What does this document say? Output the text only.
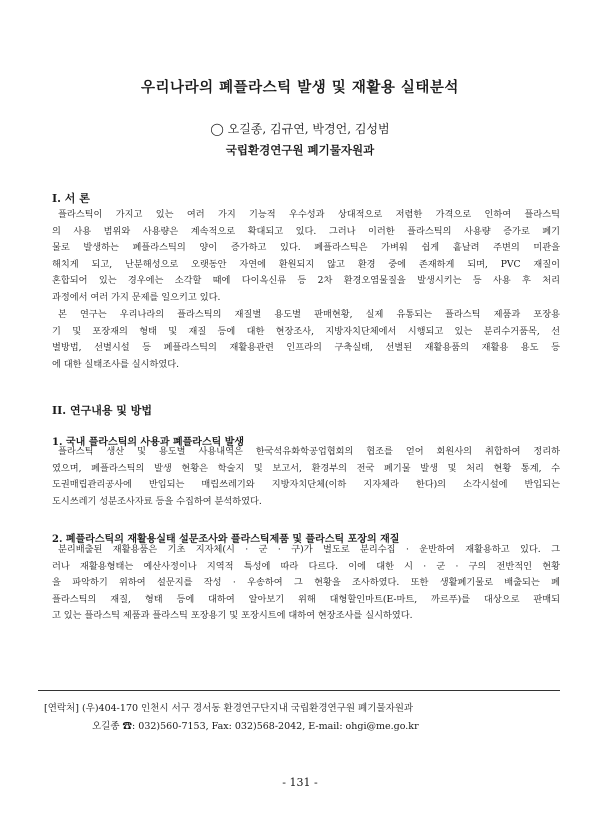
우리나라의 폐플라스틱 발생 및 재활용 실태분석
◯ 오길종, 김규연, 박경언, 김성범
국립환경연구원 폐기물자원과
I. 서 론
플라스틱이 가지고 있는 여러 가지 기능적 우수성과 상대적으로 저렴한 가격으로 인하여 플라스틱
의 사용 범위와 사용량은 계속적으로 확대되고 있다. 그러나 이러한 플라스틱의 사용량 증가로 폐기
물로 발생하는 폐플라스틱의 양이 증가하고 있다. 폐플라스틱은 가벼워 쉽게 흩날려 주변의 미관을
해치게 되고, 난분해성으로 오랫동안 자연에 환원되지 않고 환경 중에 존재하게 되며, PVC 재질이
혼합되어 있는 경우에는 소각할 때에 다이옥신류 등 2차 환경오염물질을 발생시키는 등 사용 후 처리
과정에서 여러 가지 문제를 일으키고 있다.
본 연구는 우리나라의 플라스틱의 재질별 용도별 판매현황, 실제 유통되는 플라스틱 제품과 포장용
기 및 포장재의 형태 및 재질 등에 대한 현장조사, 지방자치단체에서 시행되고 있는 분리수거품목, 선
별방법, 선별시설 등 폐플라스틱의 재활용관련 인프라의 구축실태, 선별된 재활용품의 재활용 용도 등
에 대한 실태조사를 실시하였다.
II. 연구내용 및 방법
1. 국내 플라스틱의 사용과 폐플라스틱 발생
플라스틱 생산 및 용도별 사용내역은 한국석유화학공업협회의 협조를 얻어 회원사의 취합하여 정리하
였으며, 폐플라스틱의 발생 현황은 학술지 및 보고서, 환경부의 전국 폐기물 발생 및 처리 현황 통계, 수
도권매립관리공사에 반입되는 매립쓰레기와 지방자치단체(이하 지자체라 한다)의 소각시설에 반입되는
도시쓰레기 성분조사자료 등을 수집하여 분석하였다.
2. 폐플라스틱의 재활용실태 설문조사와 플라스틱제품 및 플라스틱 포장의 재질
분리배출된 재활용품은 기초 지자체(시 · 군 · 구)가 별도로 분리수집 · 운반하여 재활용하고 있다. 그
러나 재활용형태는 예산사정이나 지역적 특성에 따라 다르다. 이에 대한 시 · 군 · 구의 전반적인 현황
을 파악하기 위하여 설문지를 작성 · 우송하여 그 현황을 조사하였다. 또한 생활폐기물로 배출되는 폐
플라스틱의 재질, 형태 등에 대하여 알아보기 위해 대형할인마트(E-마트, 까르푸)를 대상으로 판매되
고 있는 플라스틱 제품과 플라스틱 포장용기 및 포장시트에 대하여 현장조사를 실시하였다.
[연락처] (우)404-170 인천시 서구 경서동 환경연구단지내 국립환경연구원 폐기물자원과
오길종 ☎: 032)560-7153, Fax: 032)568-2042, E-mail: ohgi@me.go.kr
- 131 -
